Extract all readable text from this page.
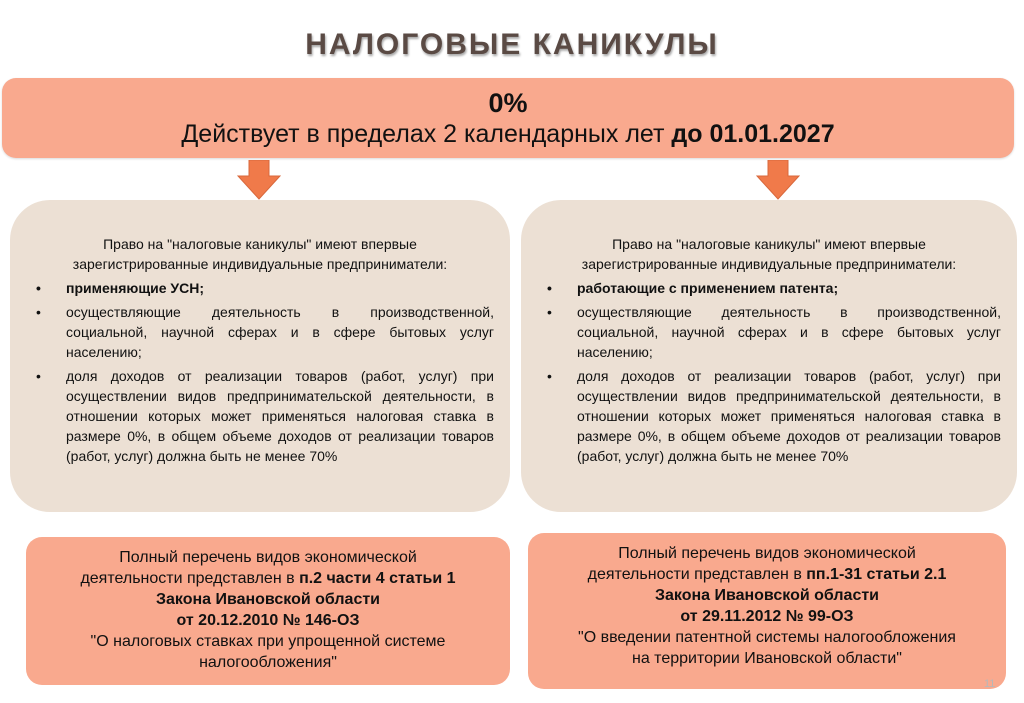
НАЛОГОВЫЕ КАНИКУЛЫ
0%
Действует в пределах 2 календарных лет до 01.01.2027
Право на "налоговые каникулы" имеют впервые зарегистрированные индивидуальные предприниматели:
• применяющие УСН;
• осуществляющие деятельность в производственной, социальной, научной сферах и в сфере бытовых услуг населению;
• доля доходов от реализации товаров (работ, услуг) при осуществлении видов предпринимательской деятельности, в отношении которых может применяться налоговая ставка в размере 0%, в общем объеме доходов от реализации товаров (работ, услуг) должна быть не менее 70%
Право на "налоговые каникулы" имеют впервые зарегистрированные индивидуальные предприниматели:
• работающие с применением патента;
• осуществляющие деятельность в производственной, социальной, научной сферах и в сфере бытовых услуг населению;
• доля доходов от реализации товаров (работ, услуг) при осуществлении видов предпринимательской деятельности, в отношении которых может применяться налоговая ставка в размере 0%, в общем объеме доходов от реализации товаров (работ, услуг) должна быть не менее 70%
Полный перечень видов экономической
деятельности представлен в п.2 части 4 статьи 1
Закона Ивановской области
от 20.12.2010 № 146-ОЗ
"О налоговых ставках при упрощенной системе
налогообложения"
Полный перечень видов экономической
деятельности представлен в пп.1-31 статьи 2.1
Закона Ивановской области
от 29.11.2012 № 99-ОЗ
"О введении патентной системы налогообложения
на территории Ивановской области"
11
